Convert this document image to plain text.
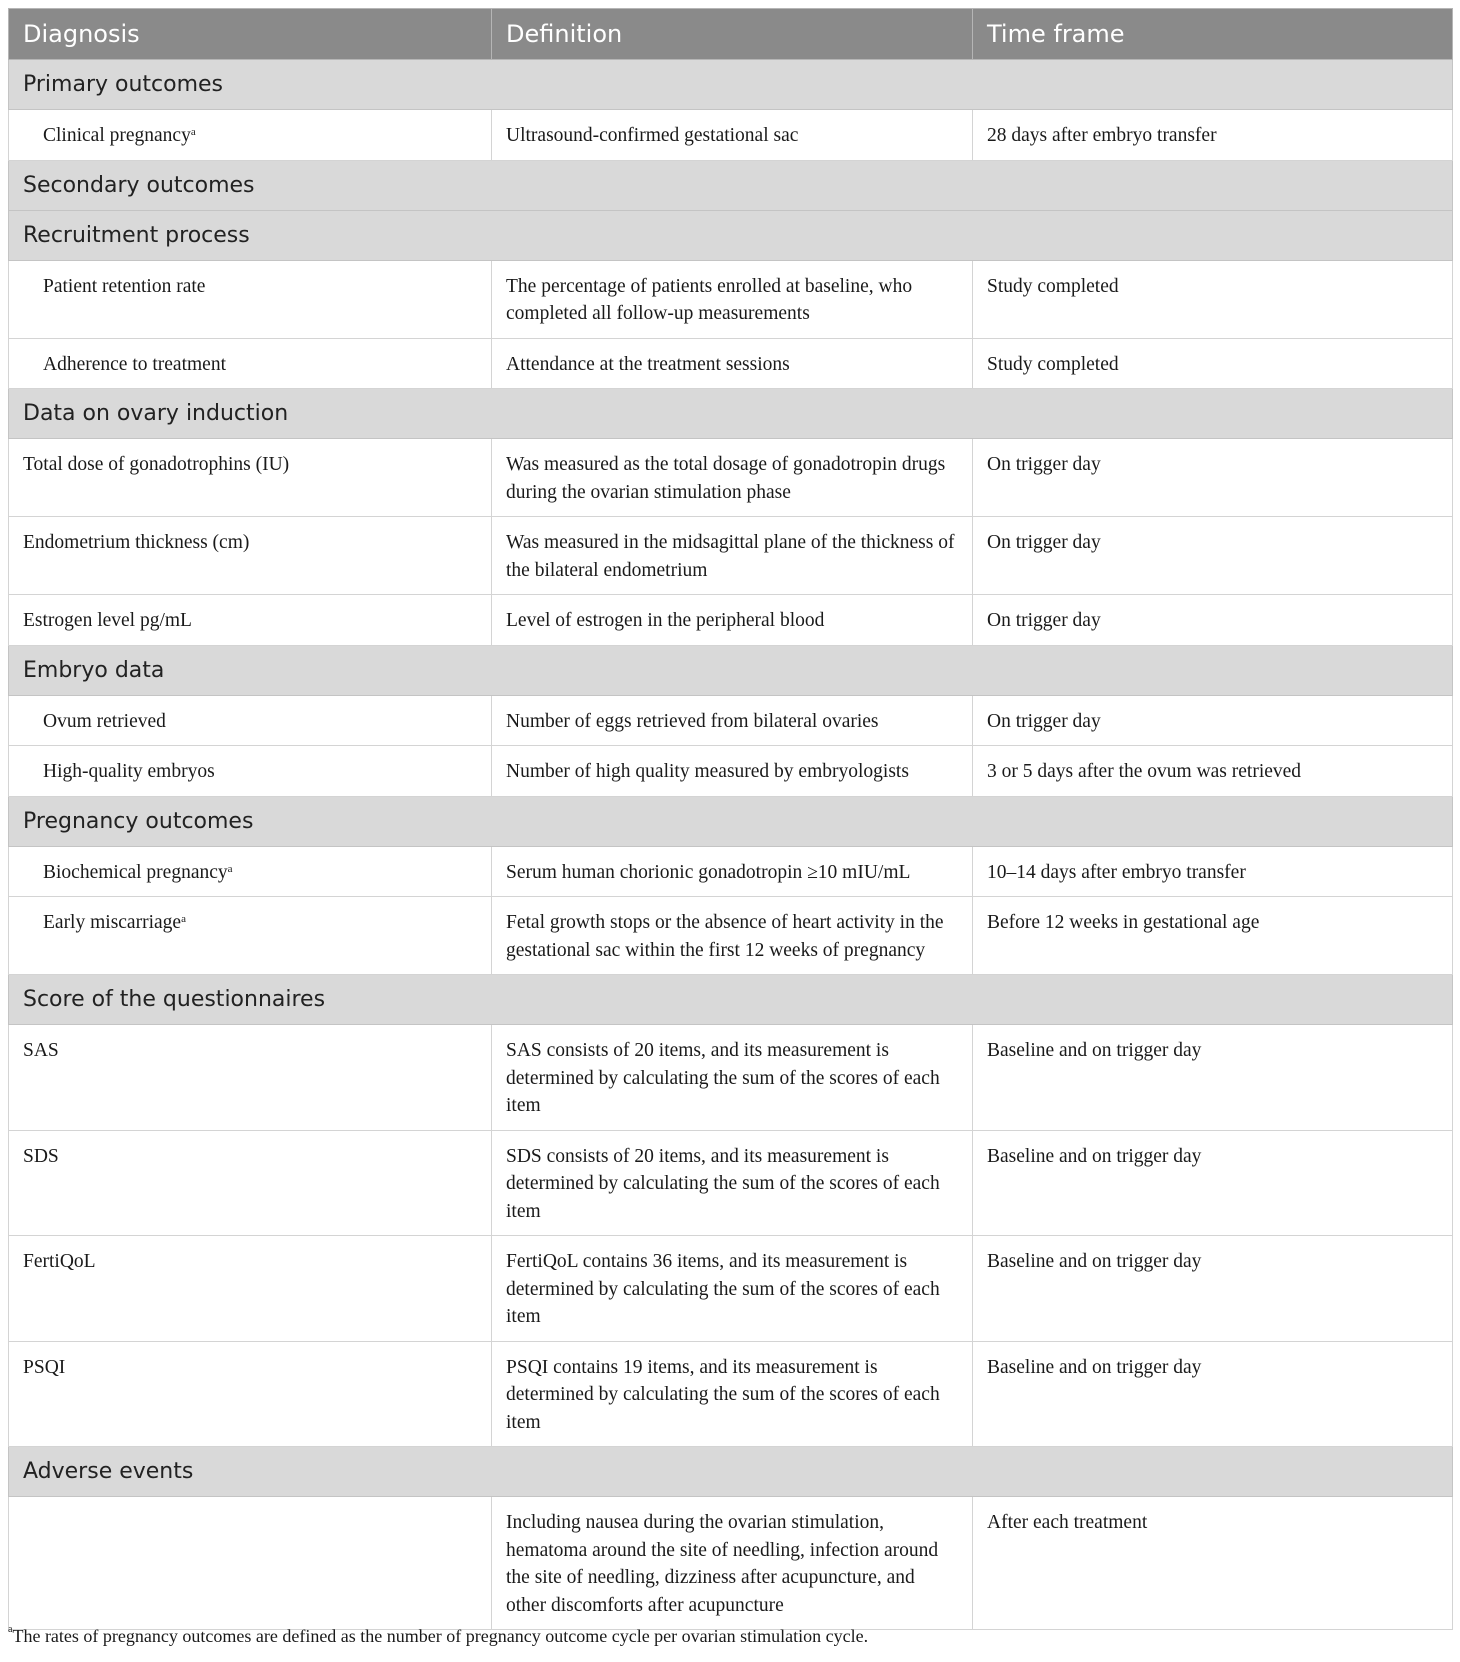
Diagnosis	Definition	Time frame
Primary outcomes		
Clinical pregnancy$^a$	Ultrasound-confirmed gestational sac	28 days after embryo transfer
Secondary outcomes		
Recruitment process		
Patient retention rate	The percentage of patients enrolled at baseline, who completed all follow-up measurements	Study completed
Adherence to treatment	Attendance at the treatment sessions	Study completed
Data on ovary induction		
Total dose of gonadotrophins (IU)	Was measured as the total dosage of gonadotropin drugs during the ovarian stimulation phase	On trigger day
Endometrium thickness (cm)	Was measured in the midsagittal plane of the thickness of the bilateral endometrium	On trigger day
Estrogen level pg/mL	Level of estrogen in the peripheral blood	On trigger day
Embryo data		
Ovum retrieved	Number of eggs retrieved from bilateral ovaries	On trigger day
High-quality embryos	Number of high quality measured by embryologists	3 or 5 days after the ovum was retrieved
Pregnancy outcomes		
Biochemical pregnancy$^a$	Serum human chorionic gonadotropin ≥10 mIU/mL	10–14 days after embryo transfer
Early miscarriage$^a$	Fetal growth stops or the absence of heart activity in the gestational sac within the first 12 weeks of pregnancy	Before 12 weeks in gestational age
Score of the questionnaires		
SAS	SAS consists of 20 items, and its measurement is determined by calculating the sum of the scores of each item	Baseline and on trigger day
SDS	SDS consists of 20 items, and its measurement is determined by calculating the sum of the scores of each item	Baseline and on trigger day
FertiQoL	FertiQoL contains 36 items, and its measurement is determined by calculating the sum of the scores of each item	Baseline and on trigger day
PSQI	PSQI contains 19 items, and its measurement is determined by calculating the sum of the scores of each item	Baseline and on trigger day
Adverse events		
	Including nausea during the ovarian stimulation, hematoma around the site of needling, infection around the site of needling, dizziness after acupuncture, and other discomforts after acupuncture	After each treatment
$^a$The rates of pregnancy outcomes are defined as the number of pregnancy outcome cycle per ovarian stimulation cycle.
